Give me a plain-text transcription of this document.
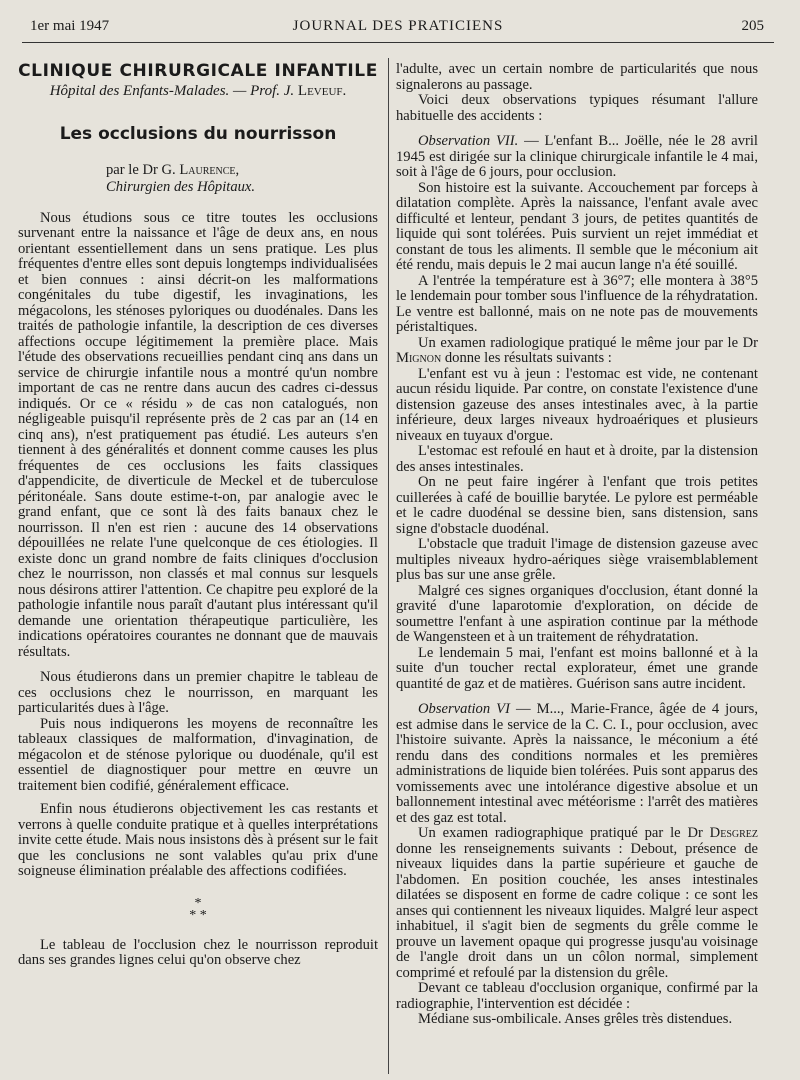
1er mai 1947	JOURNAL DES PRATICIENS	205
CLINIQUE CHIRURGICALE INFANTILE
Hôpital des Enfants-Malades. — Prof. J. Leveuf.
Les occlusions du nourrisson
par le Dr G. Laurence,
Chirurgien des Hôpitaux.

Nous étudions sous ce titre toutes les occlusions survenant entre la naissance et l'âge de deux ans, en nous orientant essentiellement dans un sens pratique. Les plus fréquentes d'entre elles sont depuis longtemps individualisées et bien connues : ainsi décrit-on les malformations congénitales du tube digestif, les invaginations, les mégacolons, les sténoses pyloriques ou duodénales. Dans les traités de pathologie infantile, la description de ces diverses affections occupe légitimement la première place. Mais l'étude des observations recueillies pendant cinq ans dans un service de chirurgie infantile nous a montré qu'un nombre important de cas ne rentre dans aucun des cadres ci-dessus indiqués. Or ce « résidu » de cas non catalogués, non négligeable puisqu'il représente près de 2 cas par an (14 en cinq ans), n'est pratiquement pas étudié. Les auteurs s'en tiennent à des généralités et donnent comme causes les plus fréquentes de ces occlusions les faits classiques d'appendicite, de diverticule de Meckel et de tuberculose péritonéale. Sans doute estime-t-on, par analogie avec le grand enfant, que ce sont là des faits banaux chez le nourrisson. Il n'en est rien : aucune des 14 observations dépouillées ne relate l'une quelconque de ces étiologies. Il existe donc un grand nombre de faits cliniques d'occlusion chez le nourrisson, non classés et mal connus sur lesquels nous désirons attirer l'attention. Ce chapitre peu exploré de la pathologie infantile nous paraît d'autant plus intéressant qu'il demande une orientation thérapeutique particulière, les indications opératoires courantes ne donnant que de mauvais résultats.

Nous étudierons dans un premier chapitre le tableau de ces occlusions chez le nourrisson, en marquant les particularités dues à l'âge.

Puis nous indiquerons les moyens de reconnaître les tableaux classiques de malformation, d'invagination, de mégacolon et de sténose pylorique ou duodénale, qu'il est essentiel de diagnostiquer pour mettre en œuvre un traitement bien codifié, généralement efficace.

Enfin nous étudierons objectivement les cas restants et verrons à quelle conduite pratique et à quelles interprétations invite cette étude. Mais nous insistons dès à présent sur le fait que les conclusions ne sont valables qu'au prix d'une soigneuse élimination préalable des affections codifiées.

*
* *

Le tableau de l'occlusion chez le nourrisson reproduit dans ses grandes lignes celui qu'on observe chez

l'adulte, avec un certain nombre de particularités que nous signalerons au passage.

Voici deux observations typiques résumant l'allure habituelle des accidents :

Observation VII. — L'enfant B... Joëlle, née le 28 avril 1945 est dirigée sur la clinique chirurgicale infantile le 4 mai, soit à l'âge de 6 jours, pour occlusion.

Son histoire est la suivante. Accouchement par forceps à dilatation complète. Après la naissance, l'enfant avale avec difficulté et lenteur, pendant 3 jours, de petites quantités de liquide qui sont tolérées. Puis survient un rejet immédiat et constant de tous les aliments. Il semble que le méconium ait été rendu, mais depuis le 2 mai aucun lange n'a été souillé.

A l'entrée la température est à 36°7; elle montera à 38°5 le lendemain pour tomber sous l'influence de la réhydratation. Le ventre est ballonné, mais on ne note pas de mouvements péristaltiques.

Un examen radiologique pratiqué le même jour par le Dr Mignon donne les résultats suivants :

L'enfant est vu à jeun : l'estomac est vide, ne contenant aucun résidu liquide. Par contre, on constate l'existence d'une distension gazeuse des anses intestinales avec, à la partie inférieure, deux larges niveaux hydroaériques et plusieurs niveaux en tuyaux d'orgue.

L'estomac est refoulé en haut et à droite, par la distension des anses intestinales.

On ne peut faire ingérer à l'enfant que trois petites cuillerées à café de bouillie barytée. Le pylore est perméable et le cadre duodénal se dessine bien, sans distension, sans signe d'obstacle duodénal.

L'obstacle que traduit l'image de distension gazeuse avec multiples niveaux hydro-aériques siège vraisemblablement plus bas sur une anse grêle.

Malgré ces signes organiques d'occlusion, étant donné la gravité d'une laparotomie d'exploration, on décide de soumettre l'enfant à une aspiration continue par la méthode de Wangensteen et à un traitement de réhydratation.

Le lendemain 5 mai, l'enfant est moins ballonné et à la suite d'un toucher rectal explorateur, émet une grande quantité de gaz et de matières. Guérison sans autre incident.

Observation VI — M..., Marie-France, âgée de 4 jours, est admise dans le service de la C. C. I., pour occlusion, avec l'histoire suivante. Après la naissance, le méconium a été rendu dans des conditions normales et les premières administrations de liquide bien tolérées. Puis sont apparus des vomissements avec une intolérance digestive absolue et un ballonnement intestinal avec météorisme : l'arrêt des matières et des gaz est total.

Un examen radiographique pratiqué par le Dr Desgrez donne les renseignements suivants : Debout, présence de niveaux liquides dans la partie supérieure et gauche de l'abdomen. En position couchée, les anses intestinales dilatées se disposent en forme de cadre colique : ce sont les anses qui contiennent les niveaux liquides. Malgré leur aspect inhabituel, il s'agit bien de segments du grêle comme le prouve un lavement opaque qui progresse jusqu'au voisinage de l'angle droit dans un un côlon normal, simplement comprimé et refoulé par la distension du grêle.

Devant ce tableau d'occlusion organique, confirmé par la radiographie, l'intervention est décidée :

Médiane sus-ombilicale. Anses grêles très distendues.
